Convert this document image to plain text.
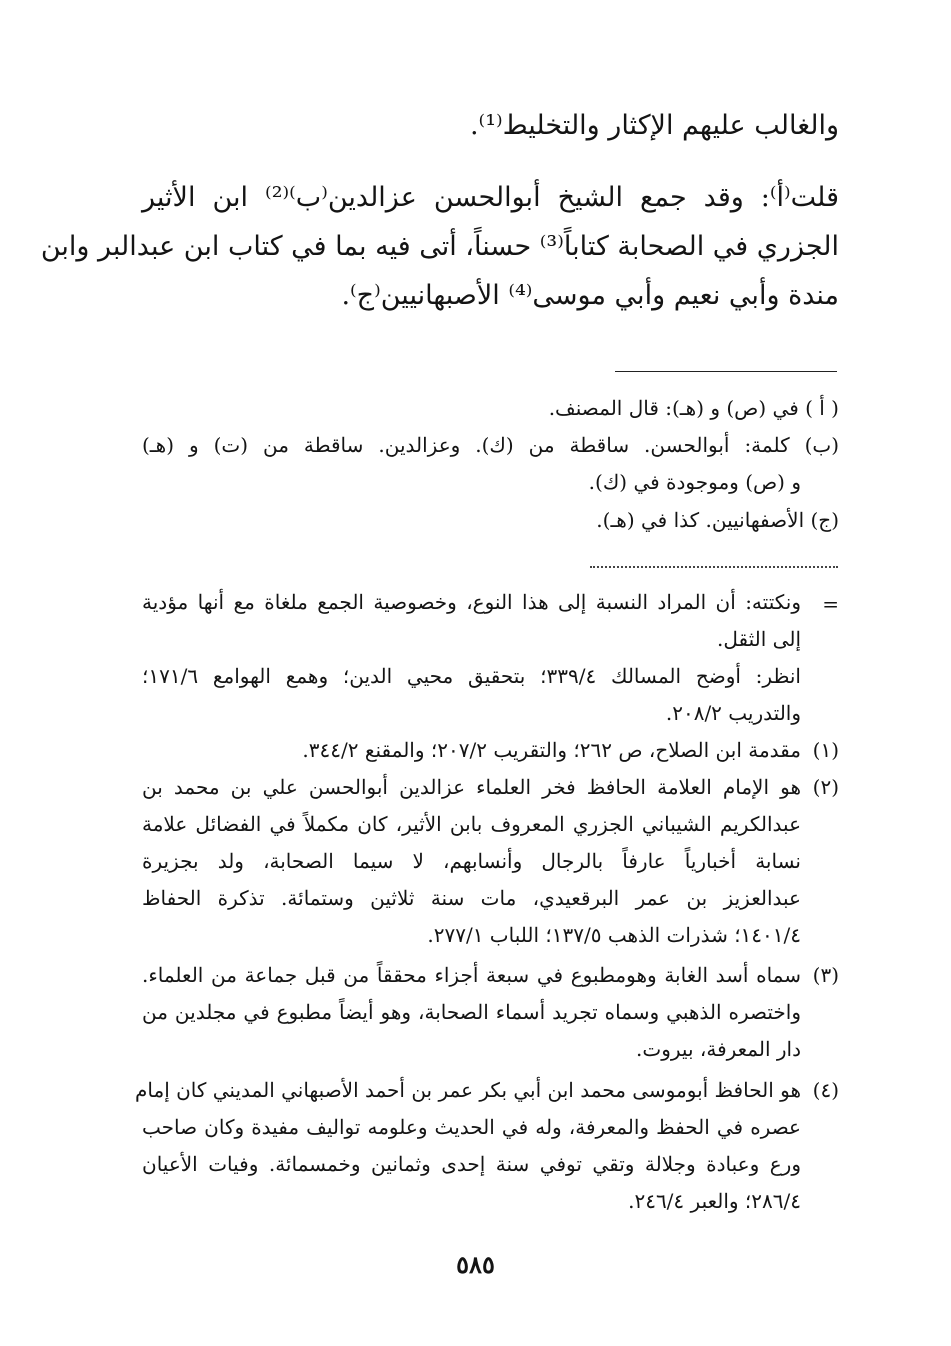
والغالب عليهم الإكثار والتخليط⁽¹⁾.
قلت⁽أ⁾: وقد جمع الشيخ أبوالحسن عزالدين⁽ب⁾⁽²⁾ ابن الأثير
الجزري في الصحابة كتاباً⁽³⁾ حسناً، أتى فيه بما في كتاب ابن عبدالبر وابن
مندة وأبي نعيم وأبي موسى⁽⁴⁾ الأصبهانيين⁽ج⁾.
( أ ) في (ص) و (هـ): قال المصنف.
(ب) كلمة: أبوالحسن. ساقطة من (ك). وعزالدين. ساقطة من (ت) و (هـ)
و (ص) وموجودة في (ك).
(ج) الأصفهانيين. كذا في (هـ).
=
ونكتته: أن المراد النسبة إلى هذا النوع، وخصوصية الجمع ملغاة مع أنها مؤدية
إلى الثقل.
انظر: أوضح المسالك ٣٣٩/٤؛ بتحقيق محيي الدين؛ وهمع الهوامع ١٧١/٦؛
والتدريب ٢٠٨/٢.
(١)
مقدمة ابن الصلاح، ص ٢٦٢؛ والتقريب ٢٠٧/٢؛ والمقنع ٣٤٤/٢.
(٢)
هو الإمام العلامة الحافظ فخر العلماء عزالدين أبوالحسن علي بن محمد بن
عبدالكريم الشيباني الجزري المعروف بابن الأثير، كان مكملاً في الفضائل علامة
نسابة أخبارياً عارفاً بالرجال وأنسابهم، لا سيما الصحابة، ولد بجزيرة
عبدالعزيز بن عمر البرقعيدي، مات سنة ثلاثين وستمائة. تذكرة الحفاظ
١٤٠١/٤؛ شذرات الذهب ١٣٧/٥؛ اللباب ٢٧٧/١.
(٣)
سماه أسد الغابة وهومطبوع في سبعة أجزاء محققاً من قبل جماعة من العلماء.
واختصره الذهبي وسماه تجريد أسماء الصحابة، وهو أيضاً مطبوع في مجلدين من
دار المعرفة، بيروت.
(٤)
هو الحافظ أبوموسى محمد ابن أبي بكر عمر بن أحمد الأصبهاني المديني كان إمام
عصره في الحفظ والمعرفة، وله في الحديث وعلومه تواليف مفيدة وكان صاحب
ورع وعبادة وجلالة وتقي توفي سنة إحدى وثمانين وخمسمائة. وفيات الأعيان
٢٨٦/٤؛ والعبر ٢٤٦/٤.
٥٨٥
